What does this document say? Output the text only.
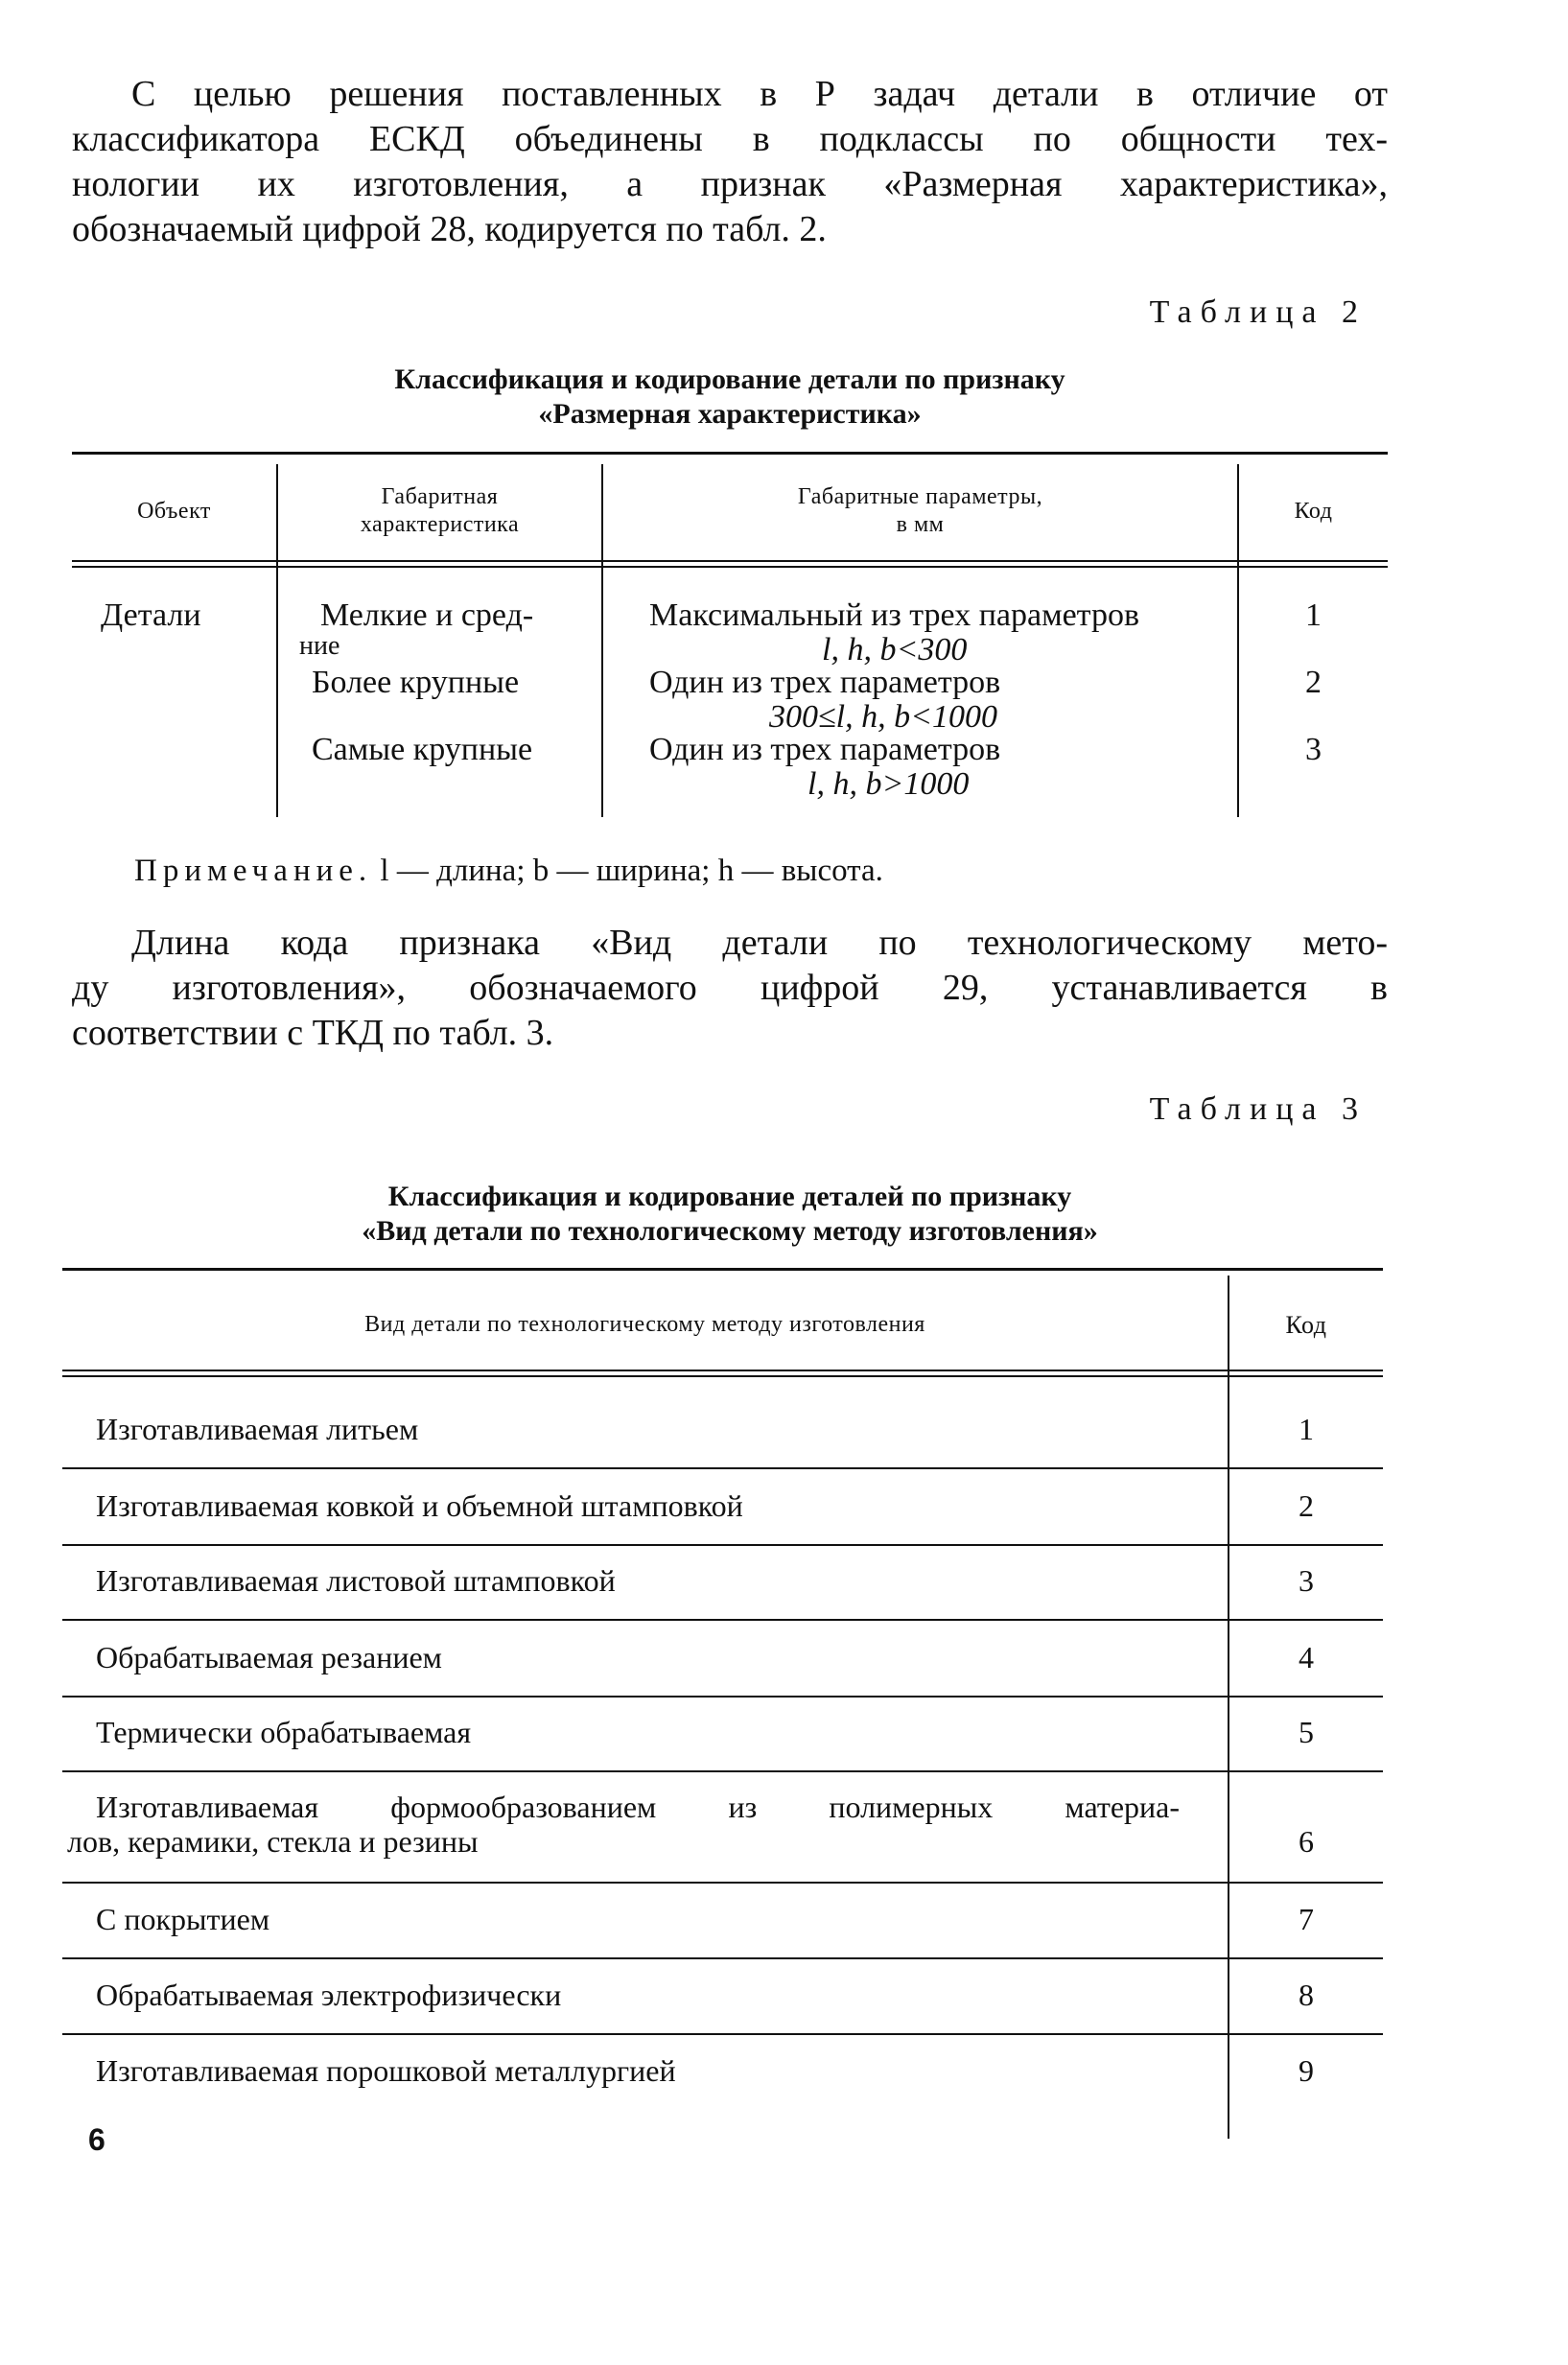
С целью решения поставленных в Р задач детали в отличие от
классификатора ЕСКД объединены в подклассы по общности тех-
нологии их изготовления, а признак «Размерная характеристика»,
обозначаемый цифрой 28, кодируется по табл. 2.
Таблица 2
Классификация и кодирование детали по признаку
«Размерная характеристика»
Объект
Габаритная
характеристика
Габаритные параметры,
в мм
Код
Детали	Мелкие и сред-
ние
Более крупные
Самые крупные
Максимальный из трех параметров
l, h, b<300
Один из трех параметров
300≤l, h, b<1000
Один из трех параметров
l, h, b>1000
1
2
3
Примечание. l — длина; b — ширина; h — высота.
Длина кода признака «Вид детали по технологическому мето-
ду изготовления», обозначаемого цифрой 29, устанавливается в
соответствии с ТКД по табл. 3.
Таблица 3
Классификация и кодирование деталей по признаку
«Вид детали по технологическому методу изготовления»
Вид детали по технологическому методу изготовления	Код
Изготавливаемая литьем
Изготавливаемая ковкой и объемной штамповкой
Изготавливаемая листовой штамповкой
Обрабатываемая резанием
Термически обрабатываемая
Изготавливаемая формообразованием из полимерных материа-
лов, керамики, стекла и резины
С покрытием
Обрабатываемая электрофизически
Изготавливаемая порошковой металлургией
1
2
3
4
5
6
7
8
9
6
